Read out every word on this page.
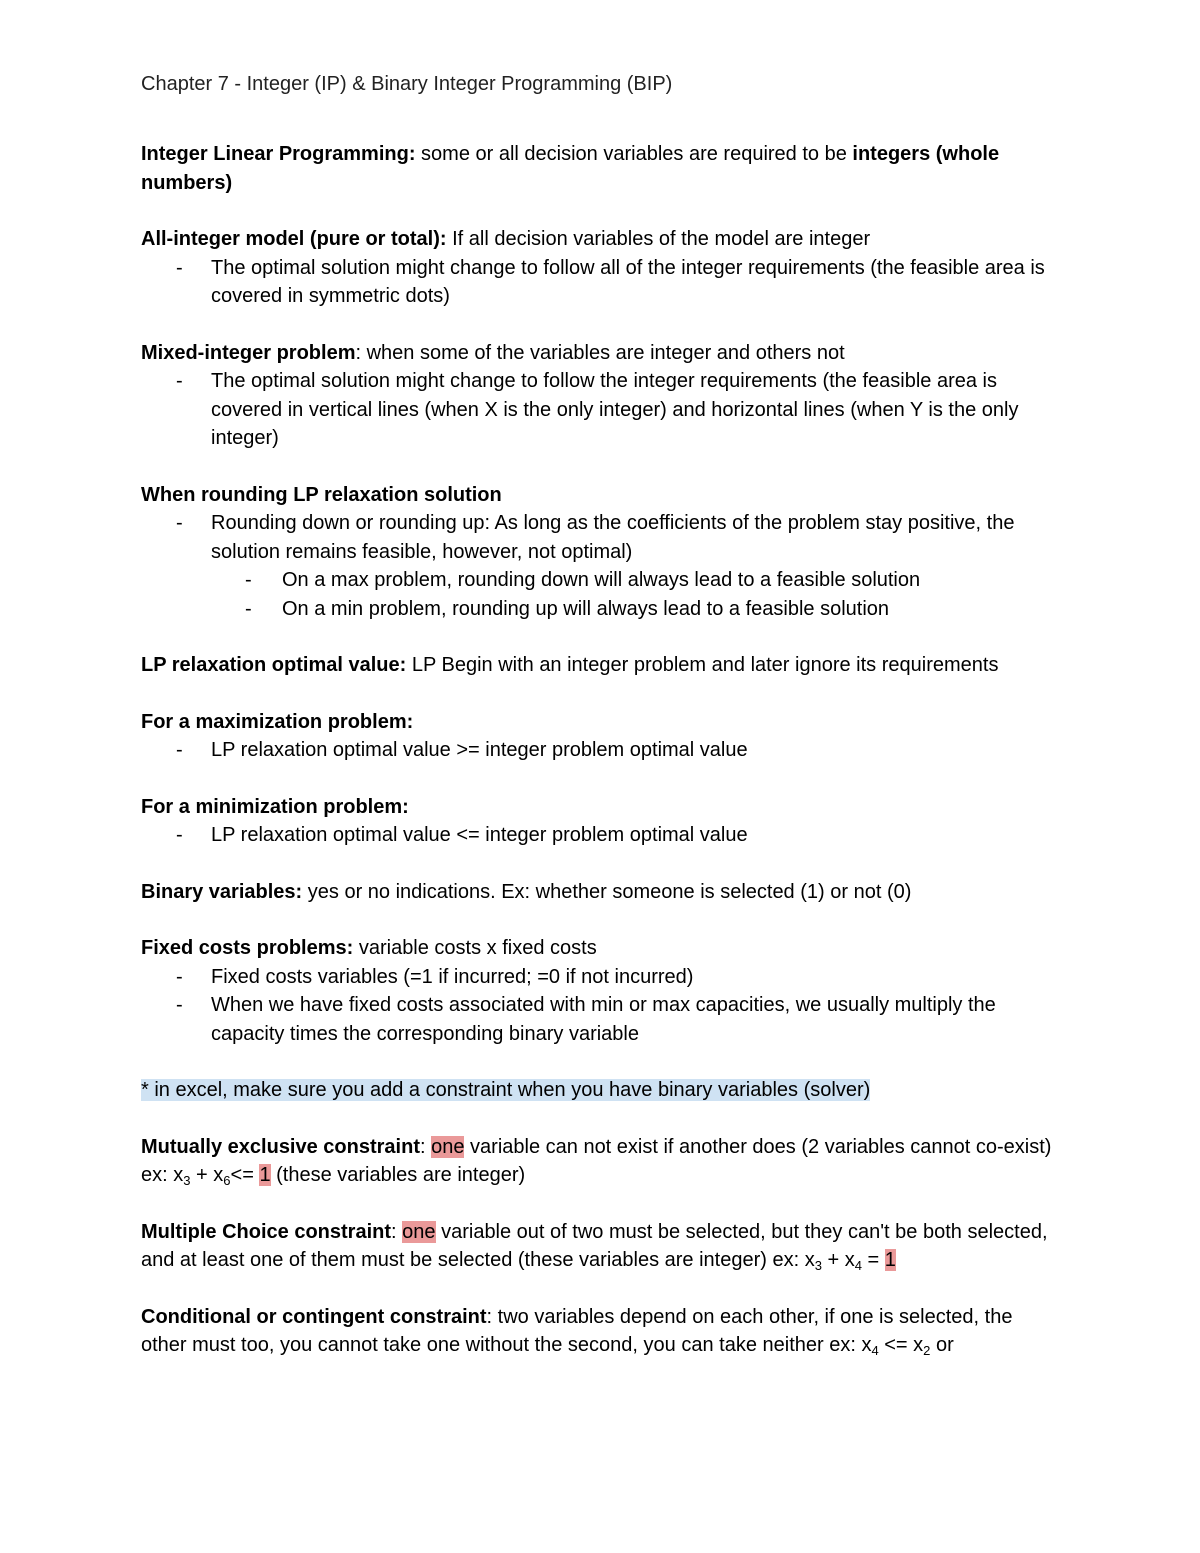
Chapter 7 - Integer (IP) & Binary Integer Programming (BIP)

Integer Linear Programming: some or all decision variables are required to be integers (whole numbers)

All-integer model (pure or total): If all decision variables of the model are integer

- The optimal solution might change to follow all of the integer requirements (the feasible area is covered in symmetric dots)

Mixed-integer problem: when some of the variables are integer and others not

- The optimal solution might change to follow the integer requirements (the feasible area is covered in vertical lines (when X is the only integer) and horizontal lines (when Y is the only integer)

When rounding LP relaxation solution

- Rounding down or rounding up: As long as the coefficients of the problem stay positive, the solution remains feasible, however, not optimal)
- On a max problem, rounding down will always lead to a feasible solution
- On a min problem, rounding up will always lead to a feasible solution

LP relaxation optimal value: LP Begin with an integer problem and later ignore its requirements

For a maximization problem:

- LP relaxation optimal value >= integer problem optimal value

For a minimization problem:

- LP relaxation optimal value <= integer problem optimal value

Binary variables: yes or no indications. Ex: whether someone is selected (1) or not (0)

Fixed costs problems: variable costs x fixed costs

- Fixed costs variables (=1 if incurred; =0 if not incurred)
- When we have fixed costs associated with min or max capacities, we usually multiply the capacity times the corresponding binary variable

* in excel, make sure you add a constraint when you have binary variables (solver)

Mutually exclusive constraint: one variable can not exist if another does (2 variables cannot co-exist) ex: $x_3 + x_6<= 1$ (these variables are integer)

Multiple Choice constraint: one variable out of two must be selected, but they can't be both selected, and at least one of them must be selected (these variables are integer) ex: $x_3 + x_4 = 1$

Conditional or contingent constraint: two variables depend on each other, if one is selected, the other must too, you cannot take one without the second, you can take neither ex: $x_4 <= x_2$ or
